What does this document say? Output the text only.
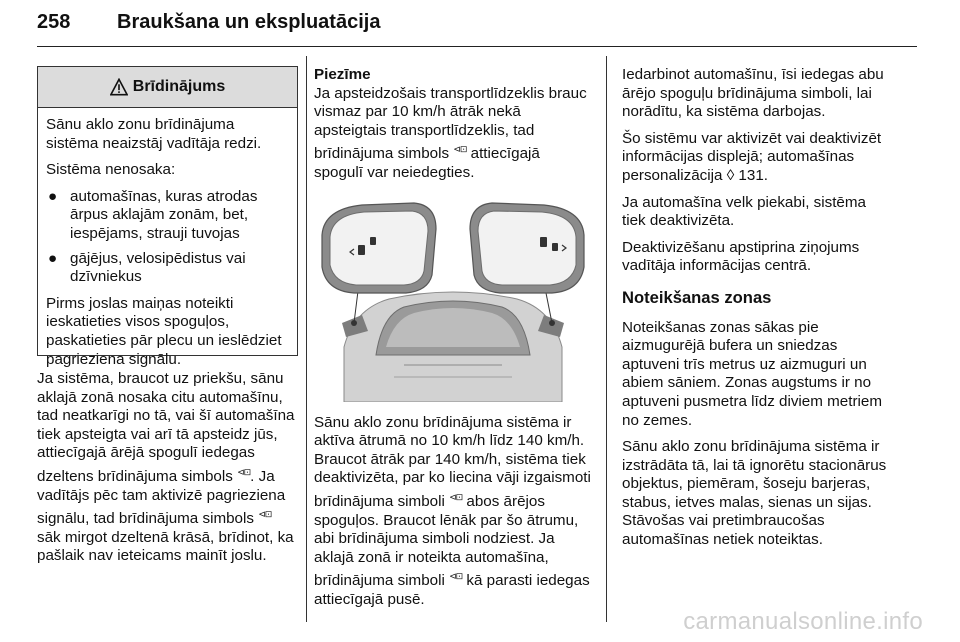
258 Braukšana un ekspluatācija
Brīdinājums

Sānu aklo zonu brīdinājuma sistēma neaizstāj vadītāja redzi.

Sistēma nenosaka:

● automašīnas, kuras atrodas ārpus aklajām zonām, bet, iespējams, strauji tuvojas
● gājējus, velosipēdistus vai dzīvniekus

Pirms joslas maiņas noteikti ieskatieties visos spoguļos, paskatieties pār plecu un ieslēdziet pagrieziena signālu.

Ja sistēma, braucot uz priekšu, sānu aklajā zonā nosaka citu automašīnu, tad neatkarīgi no tā, vai šī automašīna tiek apsteigta vai arī tā apsteidz jūs, attiecīgajā ārējā spogulī iedegas dzeltens brīdinājuma simbols ⊲⊡. Ja vadītājs pēc tam aktivizē pagrieziena signālu, tad brīdinājuma simbols ⊲⊡ sāk mirgot dzeltenā krāsā, brīdinot, ka pašlaik nav ieteicams mainīt joslu.

Piezīme

Ja apsteidzošais transportlīdzeklis brauc vismaz par 10 km/h ātrāk nekā apsteigtais transportlīdzeklis, tad brīdinājuma simbols ⊲⊡ attiecīgajā spogulī var neiedegties.

Sānu aklo zonu brīdinājuma sistēma ir aktīva ātrumā no 10 km/h līdz 140 km/h. Braucot ātrāk par 140 km/h, sistēma tiek deaktivizēta, par ko liecina vāji izgaismoti brīdinājuma simboli ⊲⊡ abos ārējos spoguļos. Braucot lēnāk par šo ātrumu, abi brīdinājuma simboli nodziest. Ja aklajā zonā ir noteikta automašīna, brīdinājuma simboli ⊲⊡ kā parasti iedegas attiecīgajā pusē.

Iedarbinot automašīnu, īsi iedegas abu ārējo spoguļu brīdinājuma simboli, lai norādītu, ka sistēma darbojas.

Šo sistēmu var aktivizēt vai deaktivizēt informācijas displejā; automašīnas personalizācija ◊ 131.

Ja automašīna velk piekabi, sistēma tiek deaktivizēta.

Deaktivizēšanu apstiprina ziņojums vadītāja informācijas centrā.

Noteikšanas zonas

Noteikšanas zonas sākas pie aizmugurējā bufera un sniedzas aptuveni trīs metrus uz aizmuguri un abiem sāniem. Zonas augstums ir no aptuveni pusmetra līdz diviem metriem no zemes.

Sānu aklo zonu brīdinājuma sistēma ir izstrādāta tā, lai tā ignorētu stacionārus objektus, piemēram, šoseju barjeras, stabus, ietves malas, sienas un sijas. Stāvošas vai pretimbraucošas automašīnas netiek noteiktas.

carmanualsonline.info
